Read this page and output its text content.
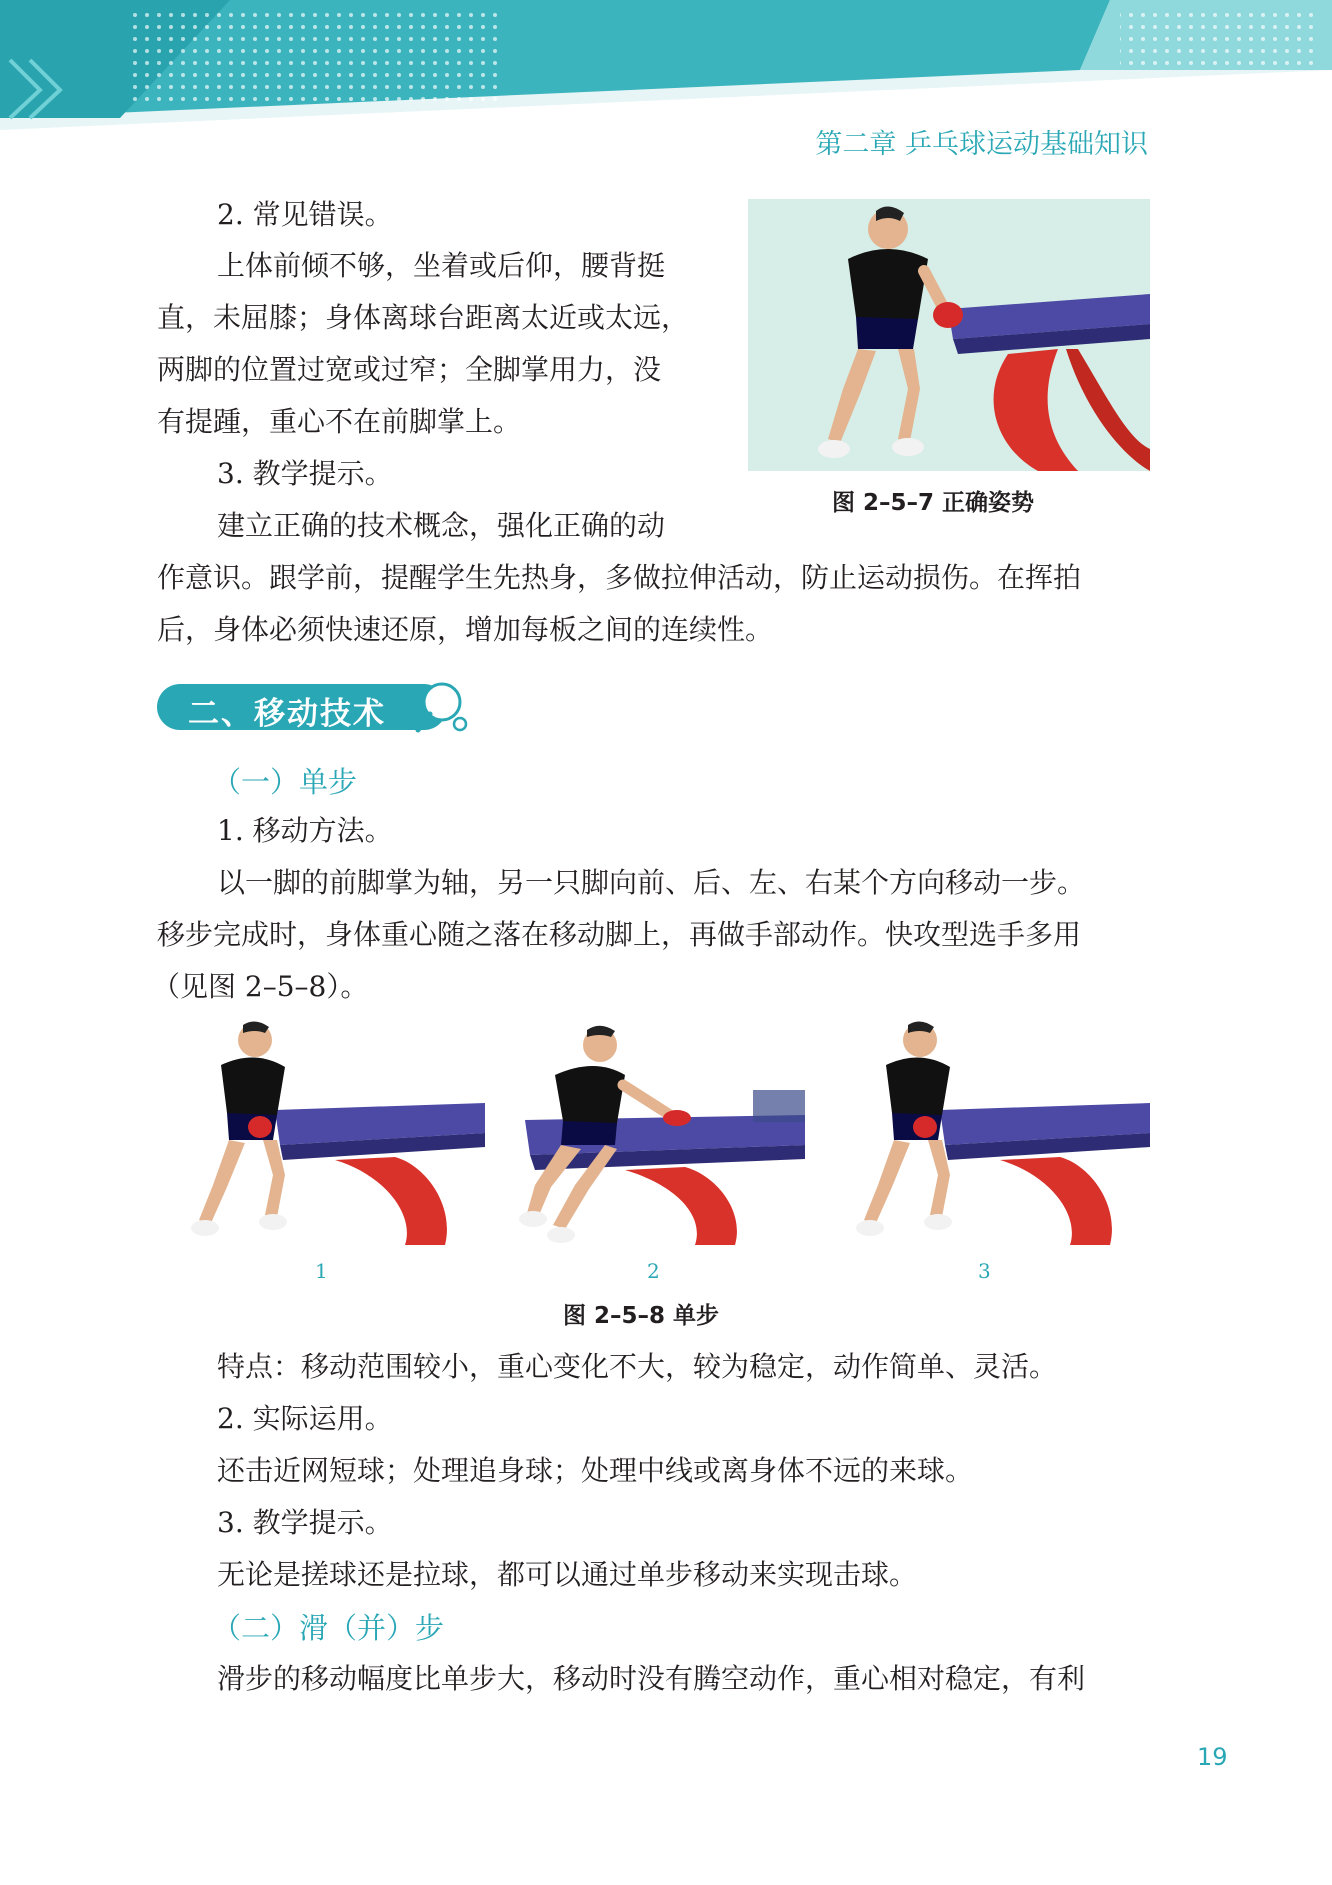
第二章 乒乓球运动基础知识
2. 常见错误。
上体前倾不够，坐着或后仰，腰背挺
直，未屈膝；身体离球台距离太近或太远，
两脚的位置过宽或过窄；全脚掌用力，没
有提踵，重心不在前脚掌上。
3. 教学提示。
建立正确的技术概念，强化正确的动
作意识。跟学前，提醒学生先热身，多做拉伸活动，防止运动损伤。在挥拍
后，身体必须快速还原，增加每板之间的连续性。
图 2–5–7 正确姿势
二、移动技术
（一）单步
1. 移动方法。
以一脚的前脚掌为轴，另一只脚向前、后、左、右某个方向移动一步。
移步完成时，身体重心随之落在移动脚上，再做手部动作。快攻型选手多用
（见图 2–5–8）。
1	2	3
图 2–5–8 单步
特点：移动范围较小，重心变化不大，较为稳定，动作简单、灵活。
2. 实际运用。
还击近网短球；处理追身球；处理中线或离身体不远的来球。
3. 教学提示。
无论是搓球还是拉球，都可以通过单步移动来实现击球。
（二）滑（并）步
滑步的移动幅度比单步大，移动时没有腾空动作，重心相对稳定，有利
19
